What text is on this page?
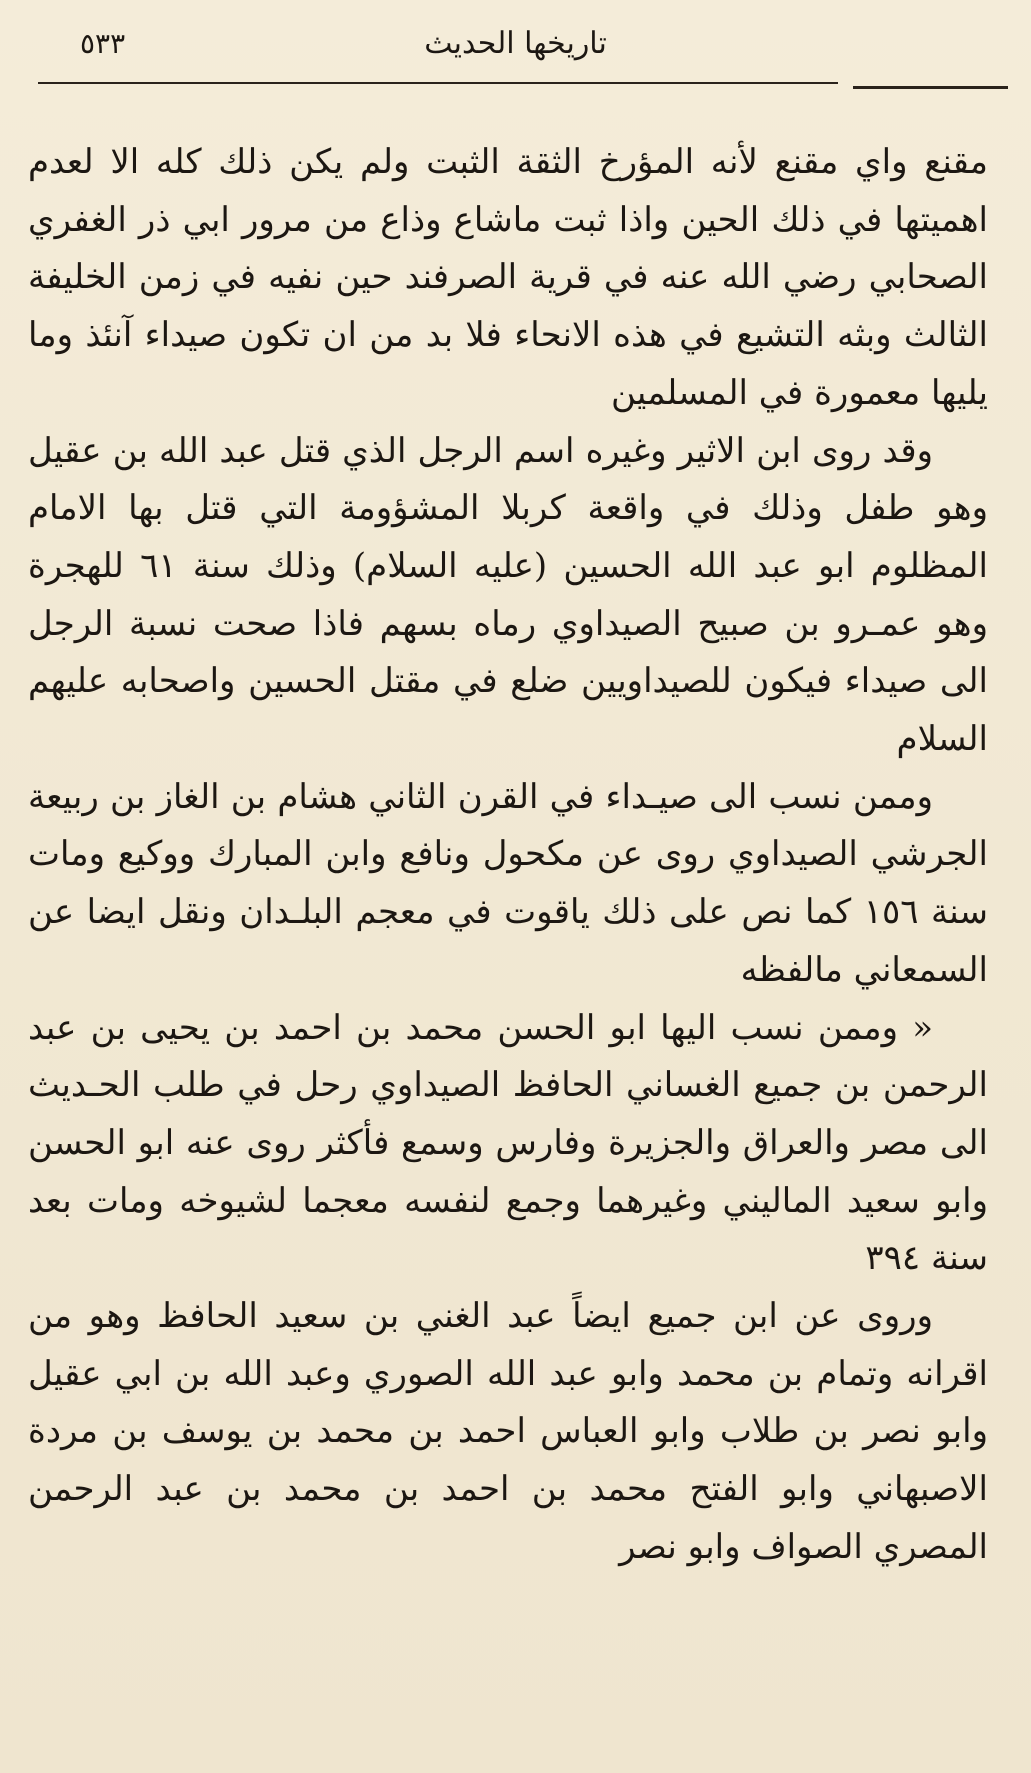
تاريخها الحديث
٥٣٣

مقنع واي مقنع لأنه المؤرخ الثقة الثبت ولم يكن ذلك كله الا لعدم اهميتها في ذلك الحين واذا ثبت ماشاع وذاع من مرور ابي ذر الغفري الصحابي رضي الله عنه في قرية الصرفند حين نفيه في زمن الخليفة الثالث وبثه التشيع في هذه الانحاء فلا بد من ان تكون صيداء آنئذ وما يليها معمورة في المسلمين

وقد روى ابن الاثير وغيره اسم الرجل الذي قتل عبد الله بن عقيل وهو طفل وذلك في واقعة كربلا المشؤومة التي قتل بها الامام المظلوم ابو عبد الله الحسين (عليه السلام) وذلك سنة ٦١ للهجرة وهو عمـرو بن صبيح الصيداوي رماه بسهم فاذا صحت نسبة الرجل الى صيداء فيكون للصيداويين ضلع في مقتل الحسين واصحابه عليهم السلام

وممن نسب الى صيـداء في القرن الثاني هشام بن الغاز بن ربيعة الجرشي الصيداوي روى عن مكحول ونافع وابن المبارك ووكيع ومات سنة ١٥٦ كما نص على ذلك ياقوت في معجم البلـدان ونقل ايضا عن السمعاني مالفظه

« وممن نسب اليها ابو الحسن محمد بن احمد بن يحيى بن عبد الرحمن بن جميع الغساني الحافظ الصيداوي رحل في طلب الحـديث الى مصر والعراق والجزيرة وفارس وسمع فأكثر روى عنه ابو الحسن وابو سعيد الماليني وغيرهما وجمع لنفسه معجما لشيوخه ومات بعد سنة ٣٩٤

وروى عن ابن جميع ايضاً عبد الغني بن سعيد الحافظ وهو من اقرانه وتمام بن محمد وابو عبد الله الصوري وعبد الله بن ابي عقيل وابو نصر بن طلاب وابو العباس احمد بن محمد بن يوسف بن مردة الاصبهاني وابو الفتح محمد بن احمد بن محمد بن عبد الرحمن المصري الصواف وابو نصر
